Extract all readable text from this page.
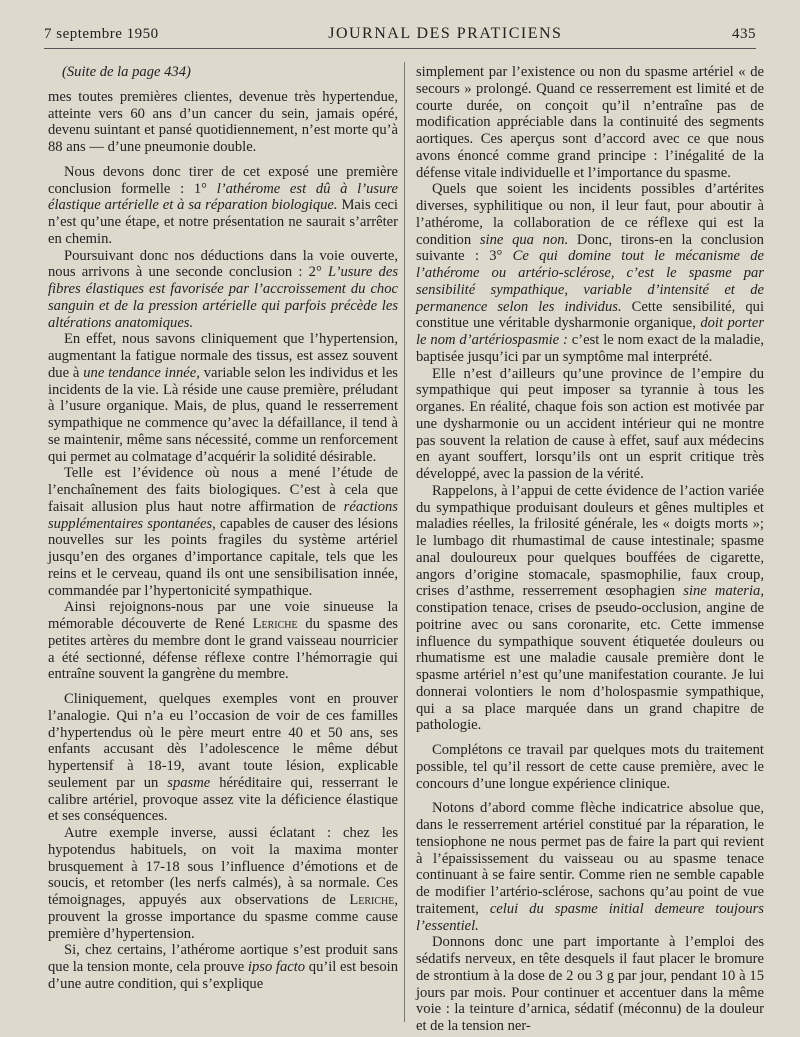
7 septembre 1950	JOURNAL DES PRATICIENS	435

(Suite de la page 434)

mes toutes premières clientes, devenue très hypertendue, atteinte vers 60 ans d’un cancer du sein, jamais opéré, devenu suintant et pansé quotidiennement, n’est morte qu’à 88 ans — d’une pneumonie double.

Nous devons donc tirer de cet exposé une première conclusion formelle : 1° l’athérome est dû à l’usure élastique artérielle et à sa réparation biologique. Mais ceci n’est qu’une étape, et notre présentation ne saurait s’arrêter en chemin.

Poursuivant donc nos déductions dans la voie ouverte, nous arrivons à une seconde conclusion : 2° L’usure des fibres élastiques est favorisée par l’accroissement du choc sanguin et de la pression artérielle qui parfois précède les altérations anatomiques.

En effet, nous savons cliniquement que l’hypertension, augmentant la fatigue normale des tissus, est assez souvent due à une tendance innée, variable selon les individus et les incidents de la vie. Là réside une cause première, préludant à l’usure organique. Mais, de plus, quand le resserrement sympathique ne commence qu’avec la défaillance, il tend à se maintenir, même sans nécessité, comme un renforcement qui permet au colmatage d’acquérir la solidité désirable.

Telle est l’évidence où nous a mené l’étude de l’enchaînement des faits biologiques. C’est à cela que faisait allusion plus haut notre affirmation de réactions supplémentaires spontanées, capables de causer des lésions nouvelles sur les points fragiles du système artériel jusqu’en des organes d’importance capitale, tels que les reins et le cerveau, quand ils ont une sensibilisation innée, commandée par l’hypertonicité sympathique.

Ainsi rejoignons-nous par une voie sinueuse la mémorable découverte de René Leriche du spasme des petites artères du membre dont le grand vaisseau nourricier a été sectionné, défense réflexe contre l’hémorragie qui entraîne souvent la gangrène du membre.

Cliniquement, quelques exemples vont en prouver l’analogie. Qui n’a eu l’occasion de voir de ces familles d’hypertendus où le père meurt entre 40 et 50 ans, ses enfants accusant dès l’adolescence le même début hypertensif à 18-19, avant toute lésion, explicable seulement par un spasme héréditaire qui, resserrant le calibre artériel, provoque assez vite la déficience élastique et ses conséquences.

Autre exemple inverse, aussi éclatant : chez les hypotendus habituels, on voit la maxima monter brusquement à 17-18 sous l’influence d’émotions et de soucis, et retomber (les nerfs calmés), à sa normale. Ces témoignages, appuyés aux observations de Leriche, prouvent la grosse importance du spasme comme cause première d’hypertension.

Si, chez certains, l’athérome aortique s’est produit sans que la tension monte, cela prouve ipso facto qu’il est besoin d’une autre condition, qui s’explique

simplement par l’existence ou non du spasme artériel « de secours » prolongé. Quand ce resserrement est limité et de courte durée, on conçoit qu’il n’entraîne pas de modification appréciable dans la continuité des segments aortiques. Ces aperçus sont d’accord avec ce que nous avons énoncé comme grand principe : l’inégalité de la défense vitale individuelle et l’importance du spasme.

Quels que soient les incidents possibles d’artérites diverses, syphilitique ou non, il leur faut, pour aboutir à l’athérome, la collaboration de ce réflexe qui est la condition sine qua non. Donc, tirons-en la conclusion suivante : 3° Ce qui domine tout le mécanisme de l’athérome ou artério-sclérose, c’est le spasme par sensibilité sympathique, variable d’intensité et de permanence selon les individus. Cette sensibilité, qui constitue une véritable dysharmonie organique, doit porter le nom d’artériospasmie : c’est le nom exact de la maladie, baptisée jusqu’ici par un symptôme mal interprété.

Elle n’est d’ailleurs qu’une province de l’empire du sympathique qui peut imposer sa tyrannie à tous les organes. En réalité, chaque fois son action est motivée par une dysharmonie ou un accident intérieur qui ne montre pas souvent la relation de cause à effet, sauf aux médecins en ayant souffert, lorsqu’ils ont un esprit critique très développé, avec la passion de la vérité.

Rappelons, à l’appui de cette évidence de l’action variée du sympathique produisant douleurs et gênes multiples et maladies réelles, la frilosité générale, les « doigts morts »; le lumbago dit rhumastimal de cause intestinale; spasme anal douloureux pour quelques bouffées de cigarette, angors d’origine stomacale, spasmophilie, faux croup, crises d’asthme, resserrement œsophagien sine materia, constipation tenace, crises de pseudo-occlusion, angine de poitrine avec ou sans coronarite, etc. Cette immense influence du sympathique souvent étiquetée douleurs ou rhumatisme est une maladie causale première dont le spasme artériel n’est qu’une manifestation courante. Je lui donnerai volontiers le nom d’holospasmie sympathique, qui a sa place marquée dans un grand chapitre de pathologie.

Complétons ce travail par quelques mots du traitement possible, tel qu’il ressort de cette cause première, avec le concours d’une longue expérience clinique.

Notons d’abord comme flèche indicatrice absolue que, dans le resserrement artériel constitué par la réparation, le tensiophone ne nous permet pas de faire la part qui revient à l’épaississement du vaisseau ou au spasme tenace continuant à se faire sentir. Comme rien ne semble capable de modifier l’artério-sclérose, sachons qu’au point de vue traitement, celui du spasme initial demeure toujours l’essentiel.

Donnons donc une part importante à l’emploi des sédatifs nerveux, en tête desquels il faut placer le bromure de strontium à la dose de 2 ou 3 g par jour, pendant 10 à 15 jours par mois. Pour continuer et accentuer dans la même voie : la teinture d’arnica, sédatif (méconnu) de la douleur et de la tension ner-
